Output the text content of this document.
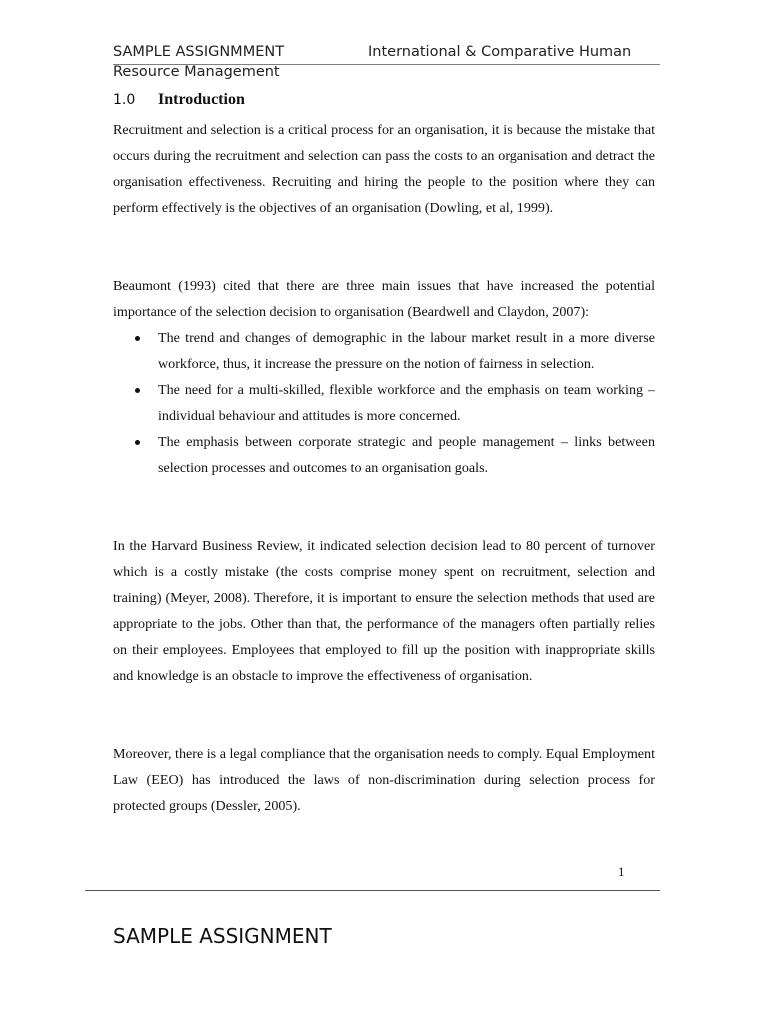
SAMPLE ASSIGNMMENT	International & Comparative Human
Resource Management
1.0 Introduction
Recruitment and selection is a critical process for an organisation, it is because the mistake that occurs during the recruitment and selection can pass the costs to an organisation and detract the organisation effectiveness. Recruiting and hiring the people to the position where they can perform effectively is the objectives of an organisation (Dowling, et al, 1999).
Beaumont (1993) cited that there are three main issues that have increased the potential importance of the selection decision to organisation (Beardwell and Claydon, 2007):
The trend and changes of demographic in the labour market result in a more diverse workforce, thus, it increase the pressure on the notion of fairness in selection.
The need for a multi-skilled, flexible workforce and the emphasis on team working – individual behaviour and attitudes is more concerned.
The emphasis between corporate strategic and people management – links between selection processes and outcomes to an organisation goals.
In the Harvard Business Review, it indicated selection decision lead to 80 percent of turnover which is a costly mistake (the costs comprise money spent on recruitment, selection and training) (Meyer, 2008). Therefore, it is important to ensure the selection methods that used are appropriate to the jobs. Other than that, the performance of the managers often partially relies on their employees. Employees that employed to fill up the position with inappropriate skills and knowledge is an obstacle to improve the effectiveness of organisation.
Moreover, there is a legal compliance that the organisation needs to comply. Equal Employment Law (EEO) has introduced the laws of non-discrimination during selection process for protected groups (Dessler, 2005).
1
SAMPLE ASSIGNMENT
